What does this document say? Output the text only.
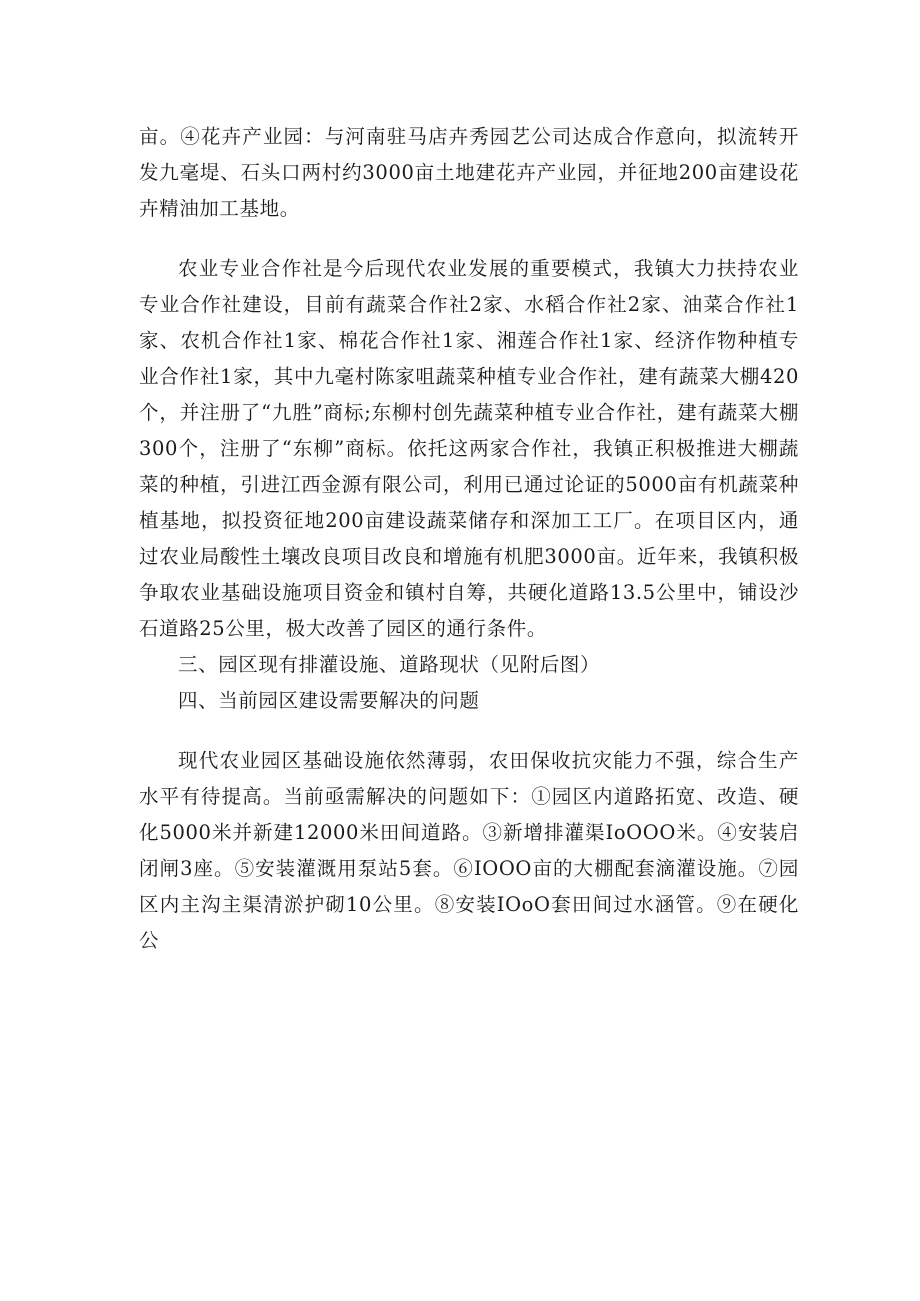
亩。④花卉产业园：与河南驻马店卉秀园艺公司达成合作意向，拟流转开发九毫堤、石头口两村约3000亩土地建花卉产业园，并征地200亩建设花卉精油加工基地。

农业专业合作社是今后现代农业发展的重要模式，我镇大力扶持农业专业合作社建设，目前有蔬菜合作社2家、水稻合作社2家、油菜合作社1家、农机合作社1家、棉花合作社1家、湘莲合作社1家、经济作物种植专业合作社1家，其中九毫村陈家咀蔬菜种植专业合作社，建有蔬菜大棚420个，并注册了“九胜”商标;东柳村创先蔬菜种植专业合作社，建有蔬菜大棚300个，注册了“东柳”商标。依托这两家合作社，我镇正积极推进大棚蔬菜的种植，引进江西金源有限公司，利用已通过论证的5000亩有机蔬菜种植基地，拟投资征地200亩建设蔬菜储存和深加工工厂。在项目区内，通过农业局酸性土壤改良项目改良和增施有机肥3000亩。近年来，我镇积极争取农业基础设施项目资金和镇村自筹，共硬化道路13.5公里中，铺设沙石道路25公里，极大改善了园区的通行条件。

三、园区现有排灌设施、道路现状（见附后图）

四、当前园区建设需要解决的问题

现代农业园区基础设施依然薄弱，农田保收抗灾能力不强，综合生产水平有待提高。当前亟需解决的问题如下：①园区内道路拓宽、改造、硬化5000米并新建12000米田间道路。③新增排灌渠IoOOO米。④安装启闭闸3座。⑤安装灌溉用泵站5套。⑥IOOO亩的大棚配套滴灌设施。⑦园区内主沟主渠清淤护砌10公里。⑧安装IOoO套田间过水涵管。⑨在硬化公
